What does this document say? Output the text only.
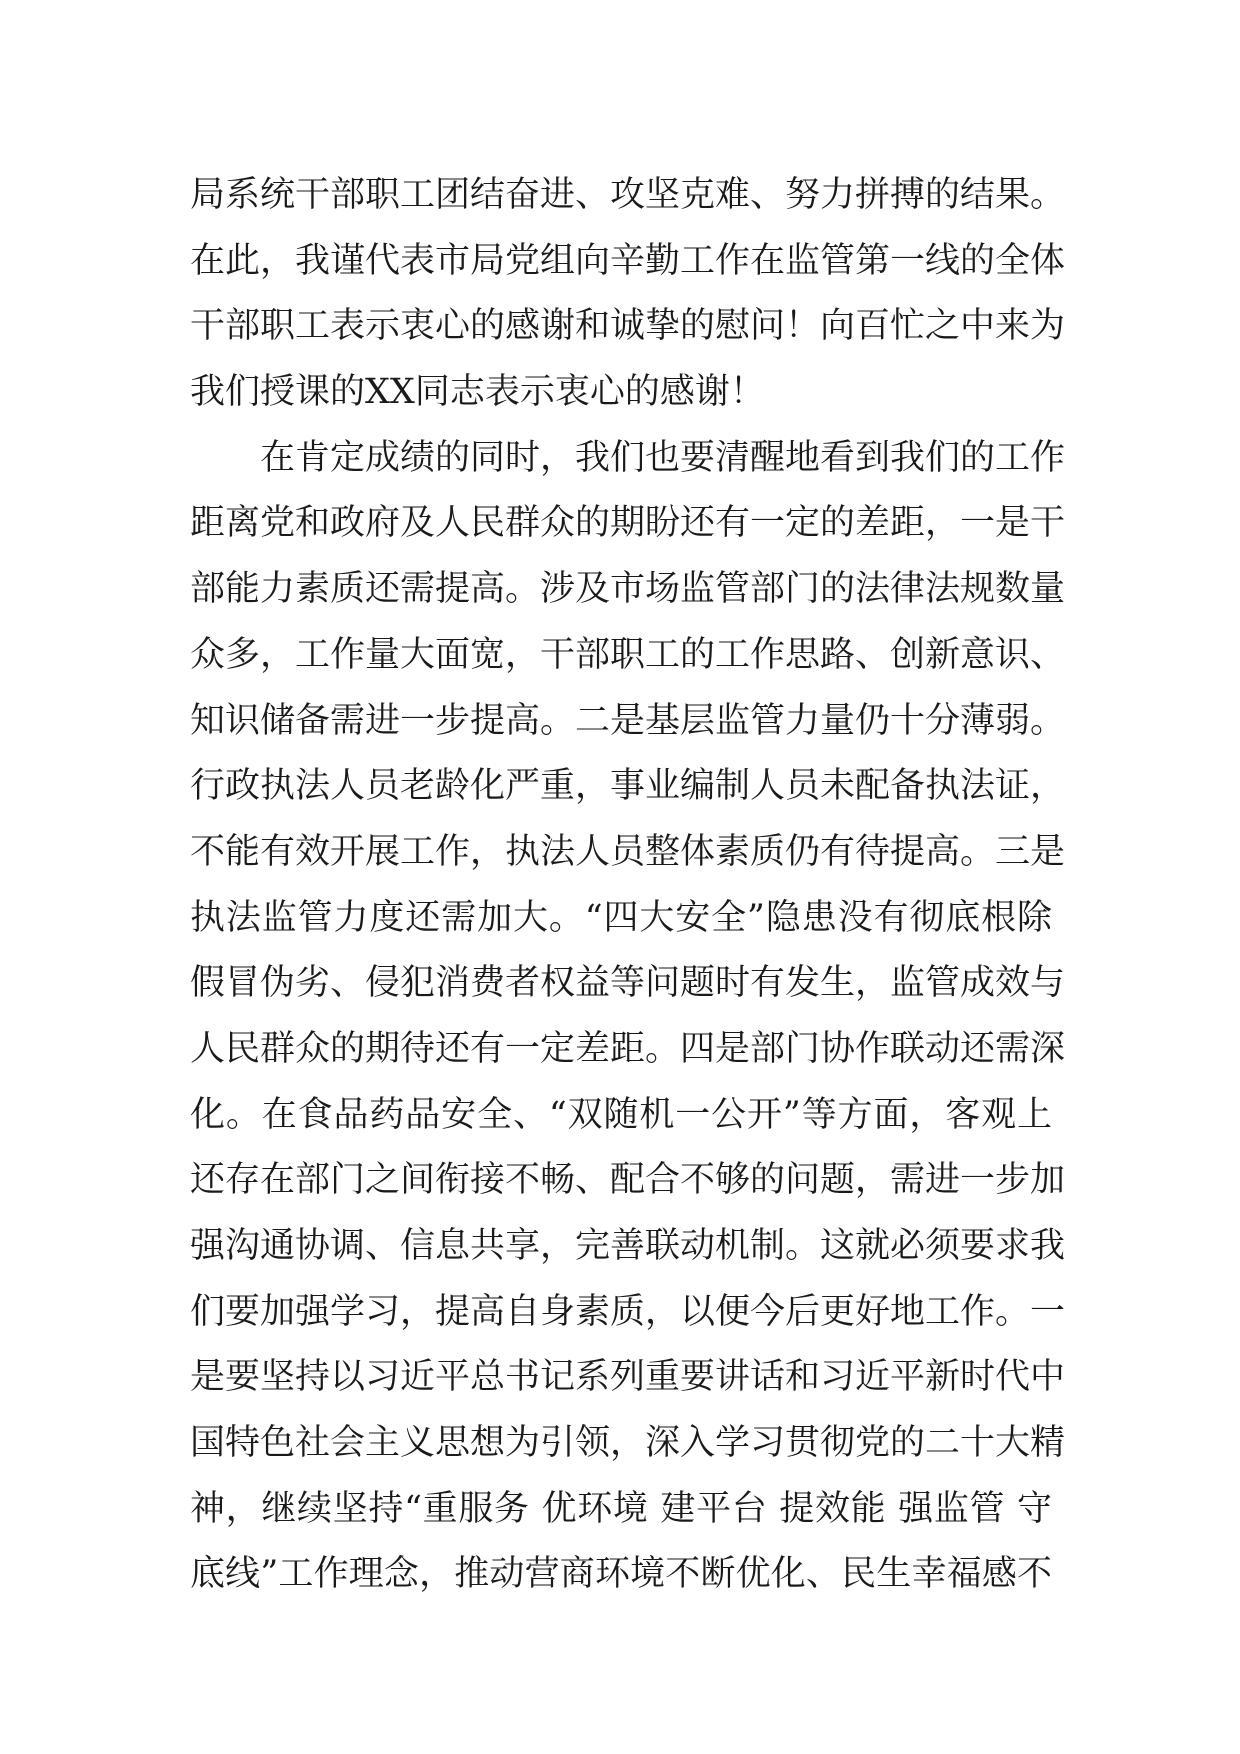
局系统干部职工团结奋进、攻坚克难、努力拼搏的结果。
在此，我谨代表市局党组向辛勤工作在监管第一线的全体
干部职工表示衷心的感谢和诚挚的慰问！向百忙之中来为
我们授课的XX同志表示衷心的感谢！
在肯定成绩的同时，我们也要清醒地看到我们的工作
距离党和政府及人民群众的期盼还有一定的差距，一是干
部能力素质还需提高。涉及市场监管部门的法律法规数量
众多，工作量大面宽，干部职工的工作思路、创新意识、
知识储备需进一步提高。二是基层监管力量仍十分薄弱。
行政执法人员老龄化严重，事业编制人员未配备执法证，
不能有效开展工作，执法人员整体素质仍有待提高。三是
执法监管力度还需加大。“四大安全”隐患没有彻底根除
假冒伪劣、侵犯消费者权益等问题时有发生，监管成效与
人民群众的期待还有一定差距。四是部门协作联动还需深
化。在食品药品安全、“双随机一公开”等方面，客观上
还存在部门之间衔接不畅、配合不够的问题，需进一步加
强沟通协调、信息共享，完善联动机制。这就必须要求我
们要加强学习，提高自身素质，以便今后更好地工作。一
是要坚持以习近平总书记系列重要讲话和习近平新时代中
国特色社会主义思想为引领，深入学习贯彻党的二十大精
神，继续坚持“重服务 优环境 建平台 提效能 强监管 守
底线”工作理念，推动营商环境不断优化、民生幸福感不
